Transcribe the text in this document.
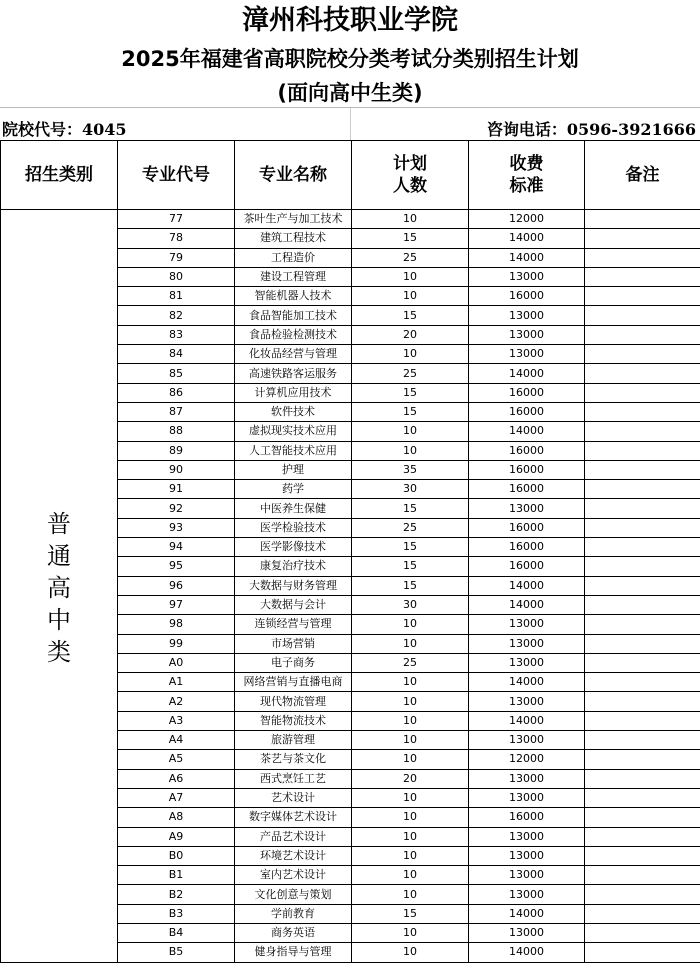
漳州科技职业学院
2025年福建省高职院校分类考试分类别招生计划
(面向高中生类)
院校代号：4045	咨询电话：0596-3921666
招生类别	专业代号	专业名称	计划人数	收费标准	备注
普通高中类	77	茶叶生产与加工技术	10	12000	
	78	建筑工程技术	15	14000	
	79	工程造价	25	14000	
	80	建设工程管理	10	13000	
	81	智能机器人技术	10	16000	
	82	食品智能加工技术	15	13000	
	83	食品检验检测技术	20	13000	
	84	化妆品经营与管理	10	13000	
	85	高速铁路客运服务	25	14000	
	86	计算机应用技术	15	16000	
	87	软件技术	15	16000	
	88	虚拟现实技术应用	10	14000	
	89	人工智能技术应用	10	16000	
	90	护理	35	16000	
	91	药学	30	16000	
	92	中医养生保健	15	13000	
	93	医学检验技术	25	16000	
	94	医学影像技术	15	16000	
	95	康复治疗技术	15	16000	
	96	大数据与财务管理	15	14000	
	97	大数据与会计	30	14000	
	98	连锁经营与管理	10	13000	
	99	市场营销	10	13000	
	A0	电子商务	25	13000	
	A1	网络营销与直播电商	10	14000	
	A2	现代物流管理	10	13000	
	A3	智能物流技术	10	14000	
	A4	旅游管理	10	13000	
	A5	茶艺与茶文化	10	12000	
	A6	西式烹饪工艺	20	13000	
	A7	艺术设计	10	13000	
	A8	数字媒体艺术设计	10	16000	
	A9	产品艺术设计	10	13000	
	B0	环境艺术设计	10	13000	
	B1	室内艺术设计	10	13000	
	B2	文化创意与策划	10	13000	
	B3	学前教育	15	14000	
	B4	商务英语	10	13000	
	B5	健身指导与管理	10	14000	
